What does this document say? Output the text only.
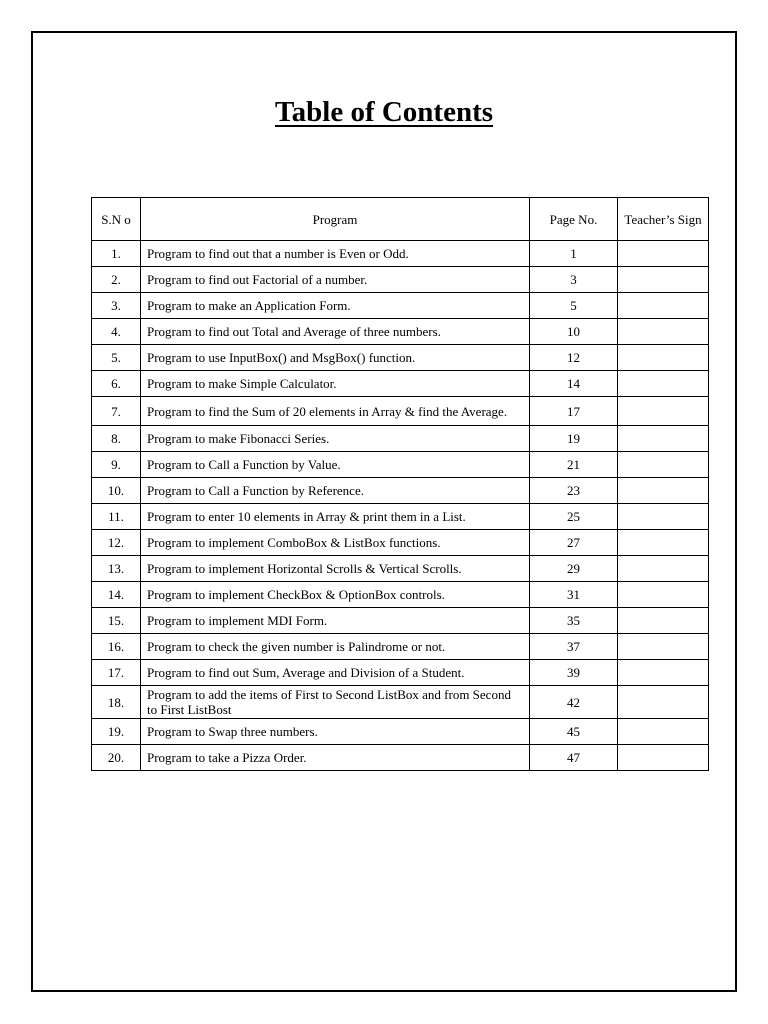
Table of Contents
S.N o	Program	Page No.	Teacher’s Sign
1.	Program to find out that a number is Even or Odd.	1	
2.	Program to find out Factorial of a number.	3	
3.	Program to make an Application Form.	5	
4.	Program to find out Total and Average of three numbers.	10	
5.	Program to use InputBox() and MsgBox() function.	12	
6.	Program to make Simple Calculator.	14	
7.	Program to find the Sum of 20 elements in Array & find the Average.	17	
8.	Program to make Fibonacci Series.	19	
9.	Program to Call a Function by Value.	21	
10.	Program to Call a Function by Reference.	23	
11.	Program to enter 10 elements in Array & print them in a List.	25	
12.	Program to implement ComboBox & ListBox functions.	27	
13.	Program to implement Horizontal Scrolls & Vertical Scrolls.	29	
14.	Program to implement CheckBox & OptionBox controls.	31	
15.	Program to implement MDI Form.	35	
16.	Program to check the given number is Palindrome or not.	37	
17.	Program to find out Sum, Average and Division of a Student.	39	
18.	Program to add the items of First to Second ListBox and from Second to First ListBost	42	
19.	Program to Swap three numbers.	45	
20.	Program to take a Pizza Order.	47	
